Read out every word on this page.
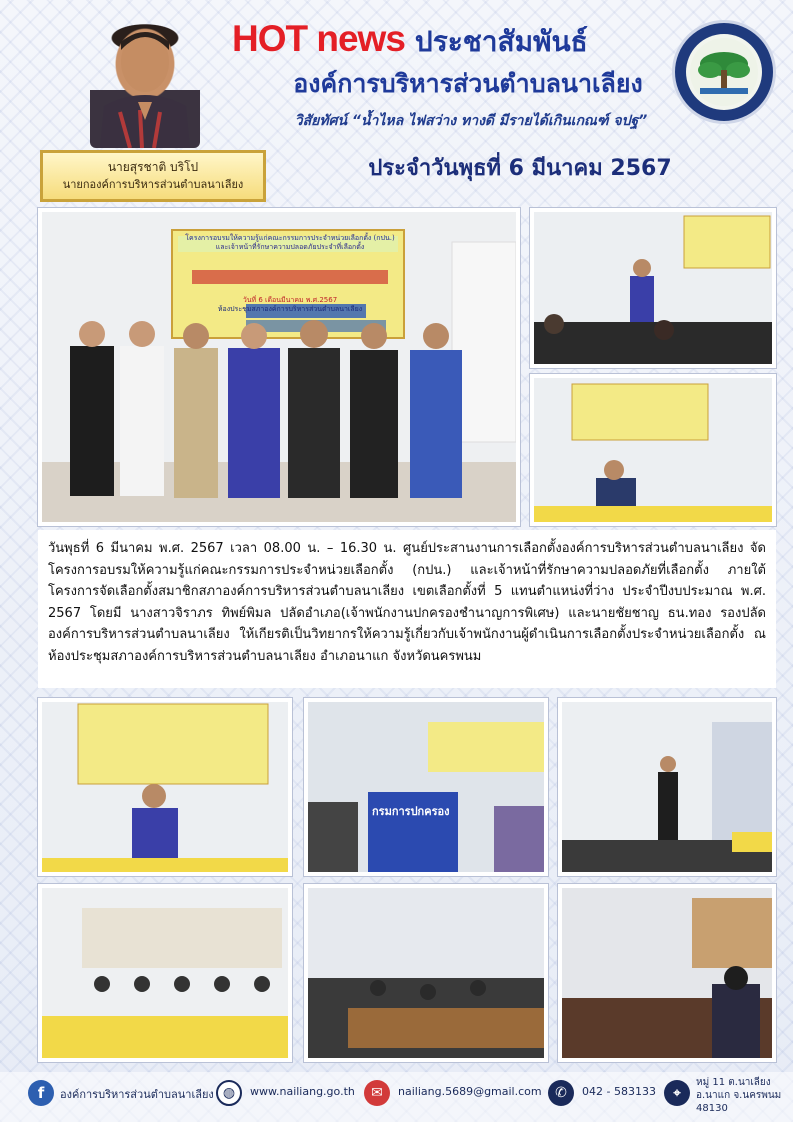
นายสุรชาติ บริโป
นายกองค์การบริหารส่วนตำบลนาเลียง
HOT news ประชาสัมพันธ์
องค์การบริหารส่วนตำบลนาเลียง
วิสัยทัศน์ “น้ำไหล ไฟสว่าง ทางดี มีรายได้เกินเกณฑ์ จปฐ”
ประจำวันพุธที่ 6 มีนาคม 2567
โครงการอบรมให้ความรู้แก่คณะกรรมการประจำหน่วยเลือกตั้ง (กปน.)
และเจ้าหน้าที่รักษาความปลอดภัยประจำที่เลือกตั้ง
วันที่ 6 เดือนมีนาคม พ.ศ.2567
ห้องประชุมสภาองค์การบริหารส่วนตำบลนาเลียง
วันพุธที่ 6 มีนาคม พ.ศ. 2567 เวลา 08.00 น. – 16.30 น. ศูนย์ประสานงานการเลือกตั้งองค์การบริหารส่วนตำบลนาเลียง จัดโครงการอบรมให้ความรู้แก่คณะกรรมการประจำหน่วยเลือกตั้ง (กปน.) และเจ้าหน้าที่รักษาความปลอดภัยที่เลือกตั้ง ภายใต้โครงการจัดเลือกตั้งสมาชิกสภาองค์การบริหารส่วนตำบลนาเลียง เขตเลือกตั้งที่ 5 แทนตำแหน่งที่ว่าง ประจำปีงบประมาณ พ.ศ. 2567 โดยมี นางสาวจิราภร ทิพย์พิมล ปลัดอำเภอ(เจ้าพนักงานปกครองชำนาญการพิเศษ) และนายชัยชาญ ธน.ทอง รองปลัดองค์การบริหารส่วนตำบลนาเลียง ให้เกียรติเป็นวิทยากรให้ความรู้เกี่ยวกับเจ้าพนักงานผู้ดำเนินการเลือกตั้งประจำหน่วยเลือกตั้ง ณ ห้องประชุมสภาองค์การบริหารส่วนตำบลนาเลียง อำเภอนาแก จังหวัดนครพนม
กรมการปกครอง
f	องค์การบริหารส่วนตำบลนาเลียง ◍	www.nailiang.go.th	✉	nailiang.5689@gmail.com ✆	042 - 583133	⌖
หมู่ 11 ต.นาเลียง
อ.นาแก จ.นครพนม
48130
